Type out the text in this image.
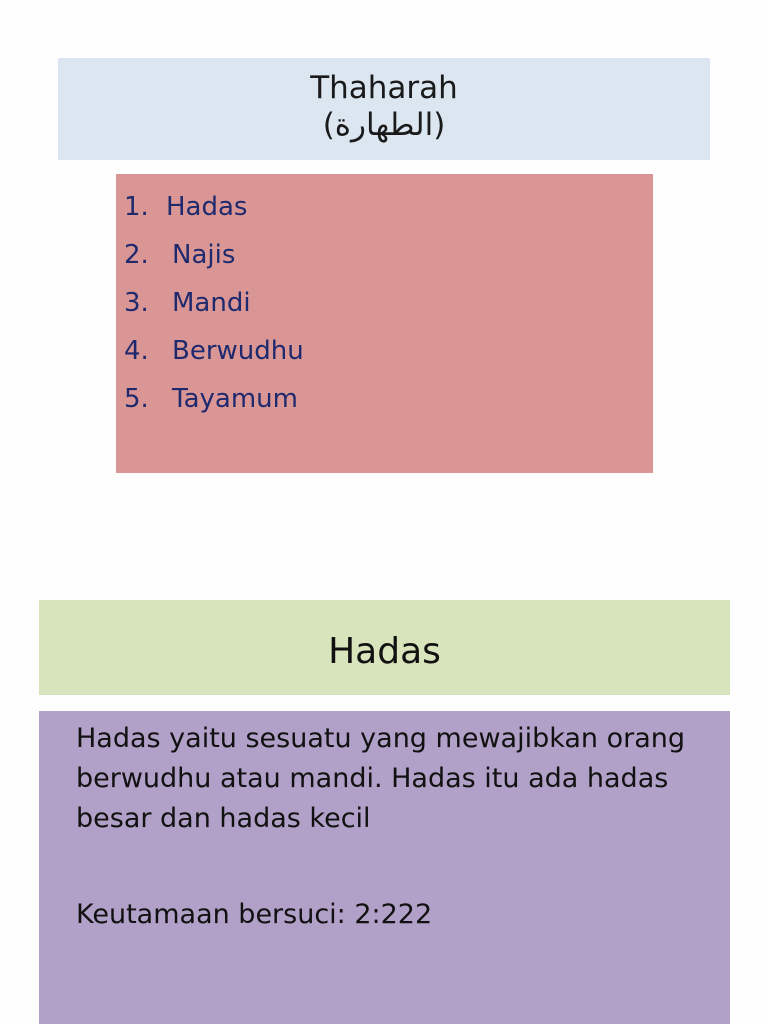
Thaharah
(الطهارة)
1. Hadas
2. Najis
3. Mandi
4. Berwudhu
5. Tayamum
Hadas
Hadas yaitu sesuatu yang mewajibkan orang berwudhu atau mandi. Hadas itu ada hadas besar dan hadas kecil
Keutamaan bersuci: 2:222
